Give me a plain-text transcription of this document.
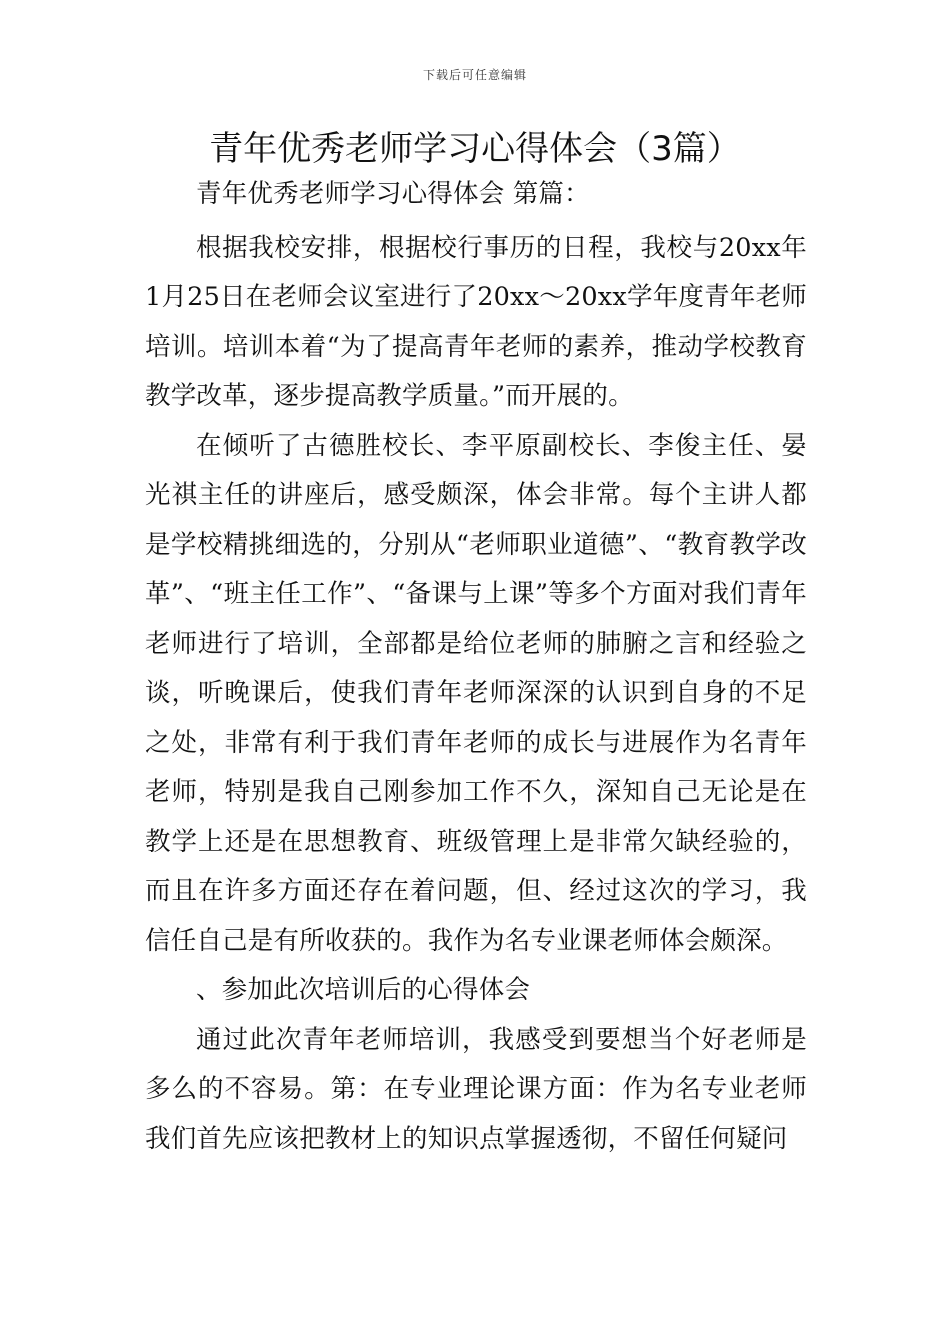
下载后可任意编辑
青年优秀老师学习心得体会（3篇）

青年优秀老师学习心得体会 第篇：

根据我校安排，根据校行事历的日程，我校与20xx年1月25日在老师会议室进行了20xx～20xx学年度青年老师培训。培训本着“为了提高青年老师的素养，推动学校教育教学改革，逐步提高教学质量。”而开展的。

在倾听了古德胜校长、李平原副校长、李俊主任、晏光祺主任的讲座后，感受颇深，体会非常。每个主讲人都是学校精挑细选的，分别从“老师职业道德”、“教育教学改革”、“班主任工作”、“备课与上课”等多个方面对我们青年老师进行了培训，全部都是给位老师的肺腑之言和经验之谈，听晚课后，使我们青年老师深深的认识到自身的不足之处，非常有利于我们青年老师的成长与进展作为名青年老师，特别是我自己刚参加工作不久，深知自己无论是在教学上还是在思想教育、班级管理上是非常欠缺经验的，而且在许多方面还存在着问题，但、经过这次的学习，我信任自己是有所收获的。我作为名专业课老师体会颇深。

、参加此次培训后的心得体会

通过此次青年老师培训，我感受到要想当个好老师是多么的不容易。第：在专业理论课方面：作为名专业老师我们首先应该把教材上的知识点掌握透彻，不留任何疑问
